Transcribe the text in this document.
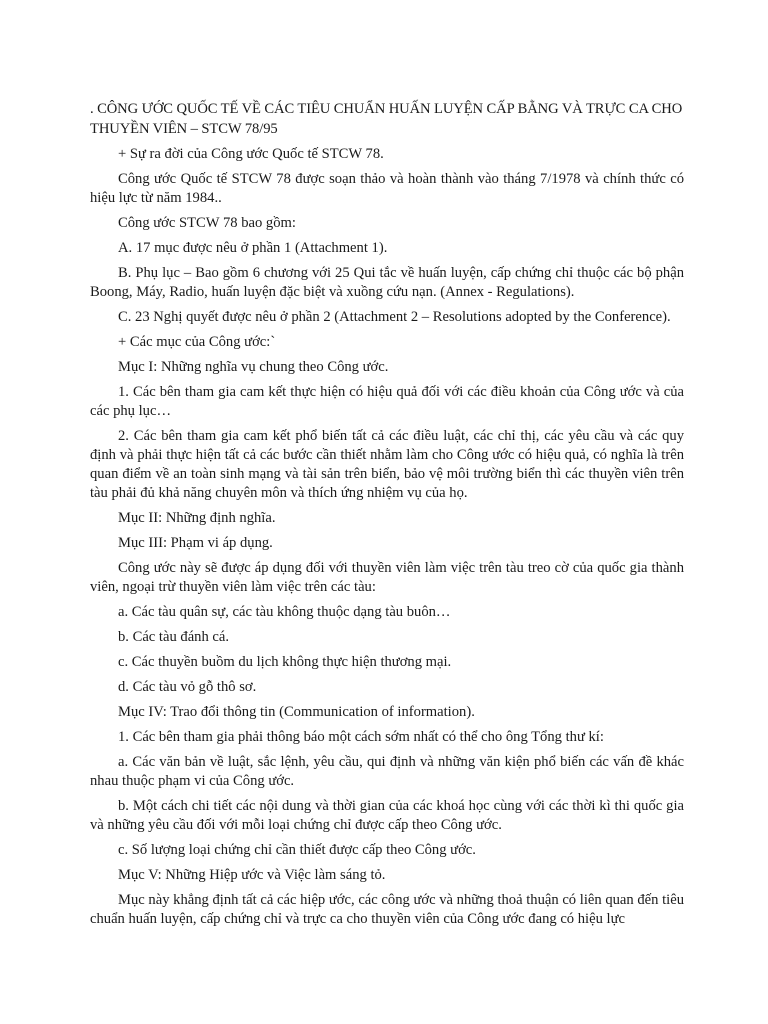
. CÔNG ƯỚC QUỐC TẾ VỀ CÁC TIÊU CHUẨN HUẤN LUYỆN CẤP BẰNG VÀ TRỰC CA CHO THUYỀN VIÊN – STCW 78/95

+ Sự ra đời của Công ước Quốc tế STCW 78.

Công ước Quốc tế STCW 78 được soạn thảo và hoàn thành vào tháng 7/1978 và chính thức có hiệu lực từ năm 1984..

Công ước STCW 78 bao gồm:

A. 17 mục được nêu ở phần 1 (Attachment 1).

B. Phụ lục – Bao gồm 6 chương với 25 Qui tắc về huấn luyện, cấp chứng chỉ thuộc các bộ phận Boong, Máy, Radio, huấn luyện đặc biệt và xuồng cứu nạn. (Annex - Regulations).

C. 23 Nghị quyết được nêu ở phần 2 (Attachment 2 – Resolutions adopted by the Conference).

+ Các mục của Công ước:`

Mục I: Những nghĩa vụ chung theo Công ước.

1. Các bên tham gia cam kết thực hiện có hiệu quả đối với các điều khoản của Công ước và của các phụ lục…

2. Các bên tham gia cam kết phổ biến tất cả các điều luật, các chỉ thị, các yêu cầu và các quy định và phải thực hiện tất cả các bước cần thiết nhằm làm cho Công ước có hiệu quả, có nghĩa là trên quan điểm về an toàn sinh mạng và tài sản trên biển, bảo vệ môi trường biển thì các thuyền viên trên tàu phải đủ khả năng chuyên môn và thích ứng nhiệm vụ của họ.

Mục II: Những định nghĩa.

Mục III: Phạm vi áp dụng.

Công ước này sẽ được áp dụng đối với thuyền viên làm việc trên tàu treo cờ của quốc gia thành viên, ngoại trừ thuyền viên làm việc trên các tàu:

a. Các tàu quân sự, các tàu không thuộc dạng tàu buôn…

b. Các tàu đánh cá.

c. Các thuyền buồm du lịch không thực hiện thương mại.

d. Các tàu vỏ gỗ thô sơ.

Mục IV: Trao đổi thông tin (Communication of information).

1. Các bên tham gia phải thông báo một cách sớm nhất có thể cho ông Tổng thư kí:

a. Các văn bản về luật, sắc lệnh, yêu cầu, qui định và những văn kiện phổ biến các vấn đề khác nhau thuộc phạm vi của Công ước.

b. Một cách chi tiết các nội dung và thời gian của các khoá học cùng với các thời kì thi quốc gia và những yêu cầu đối với mỗi loại chứng chỉ được cấp theo Công ước.

c. Số lượng loại chứng chỉ cần thiết được cấp theo Công ước.

Mục V: Những Hiệp ước và Việc làm sáng tỏ.

Mục này khẳng định tất cả các hiệp ước, các công ước và những thoả thuận có liên quan đến tiêu chuẩn huấn luyện, cấp chứng chỉ và trực ca cho thuyền viên của Công ước đang có hiệu lực
